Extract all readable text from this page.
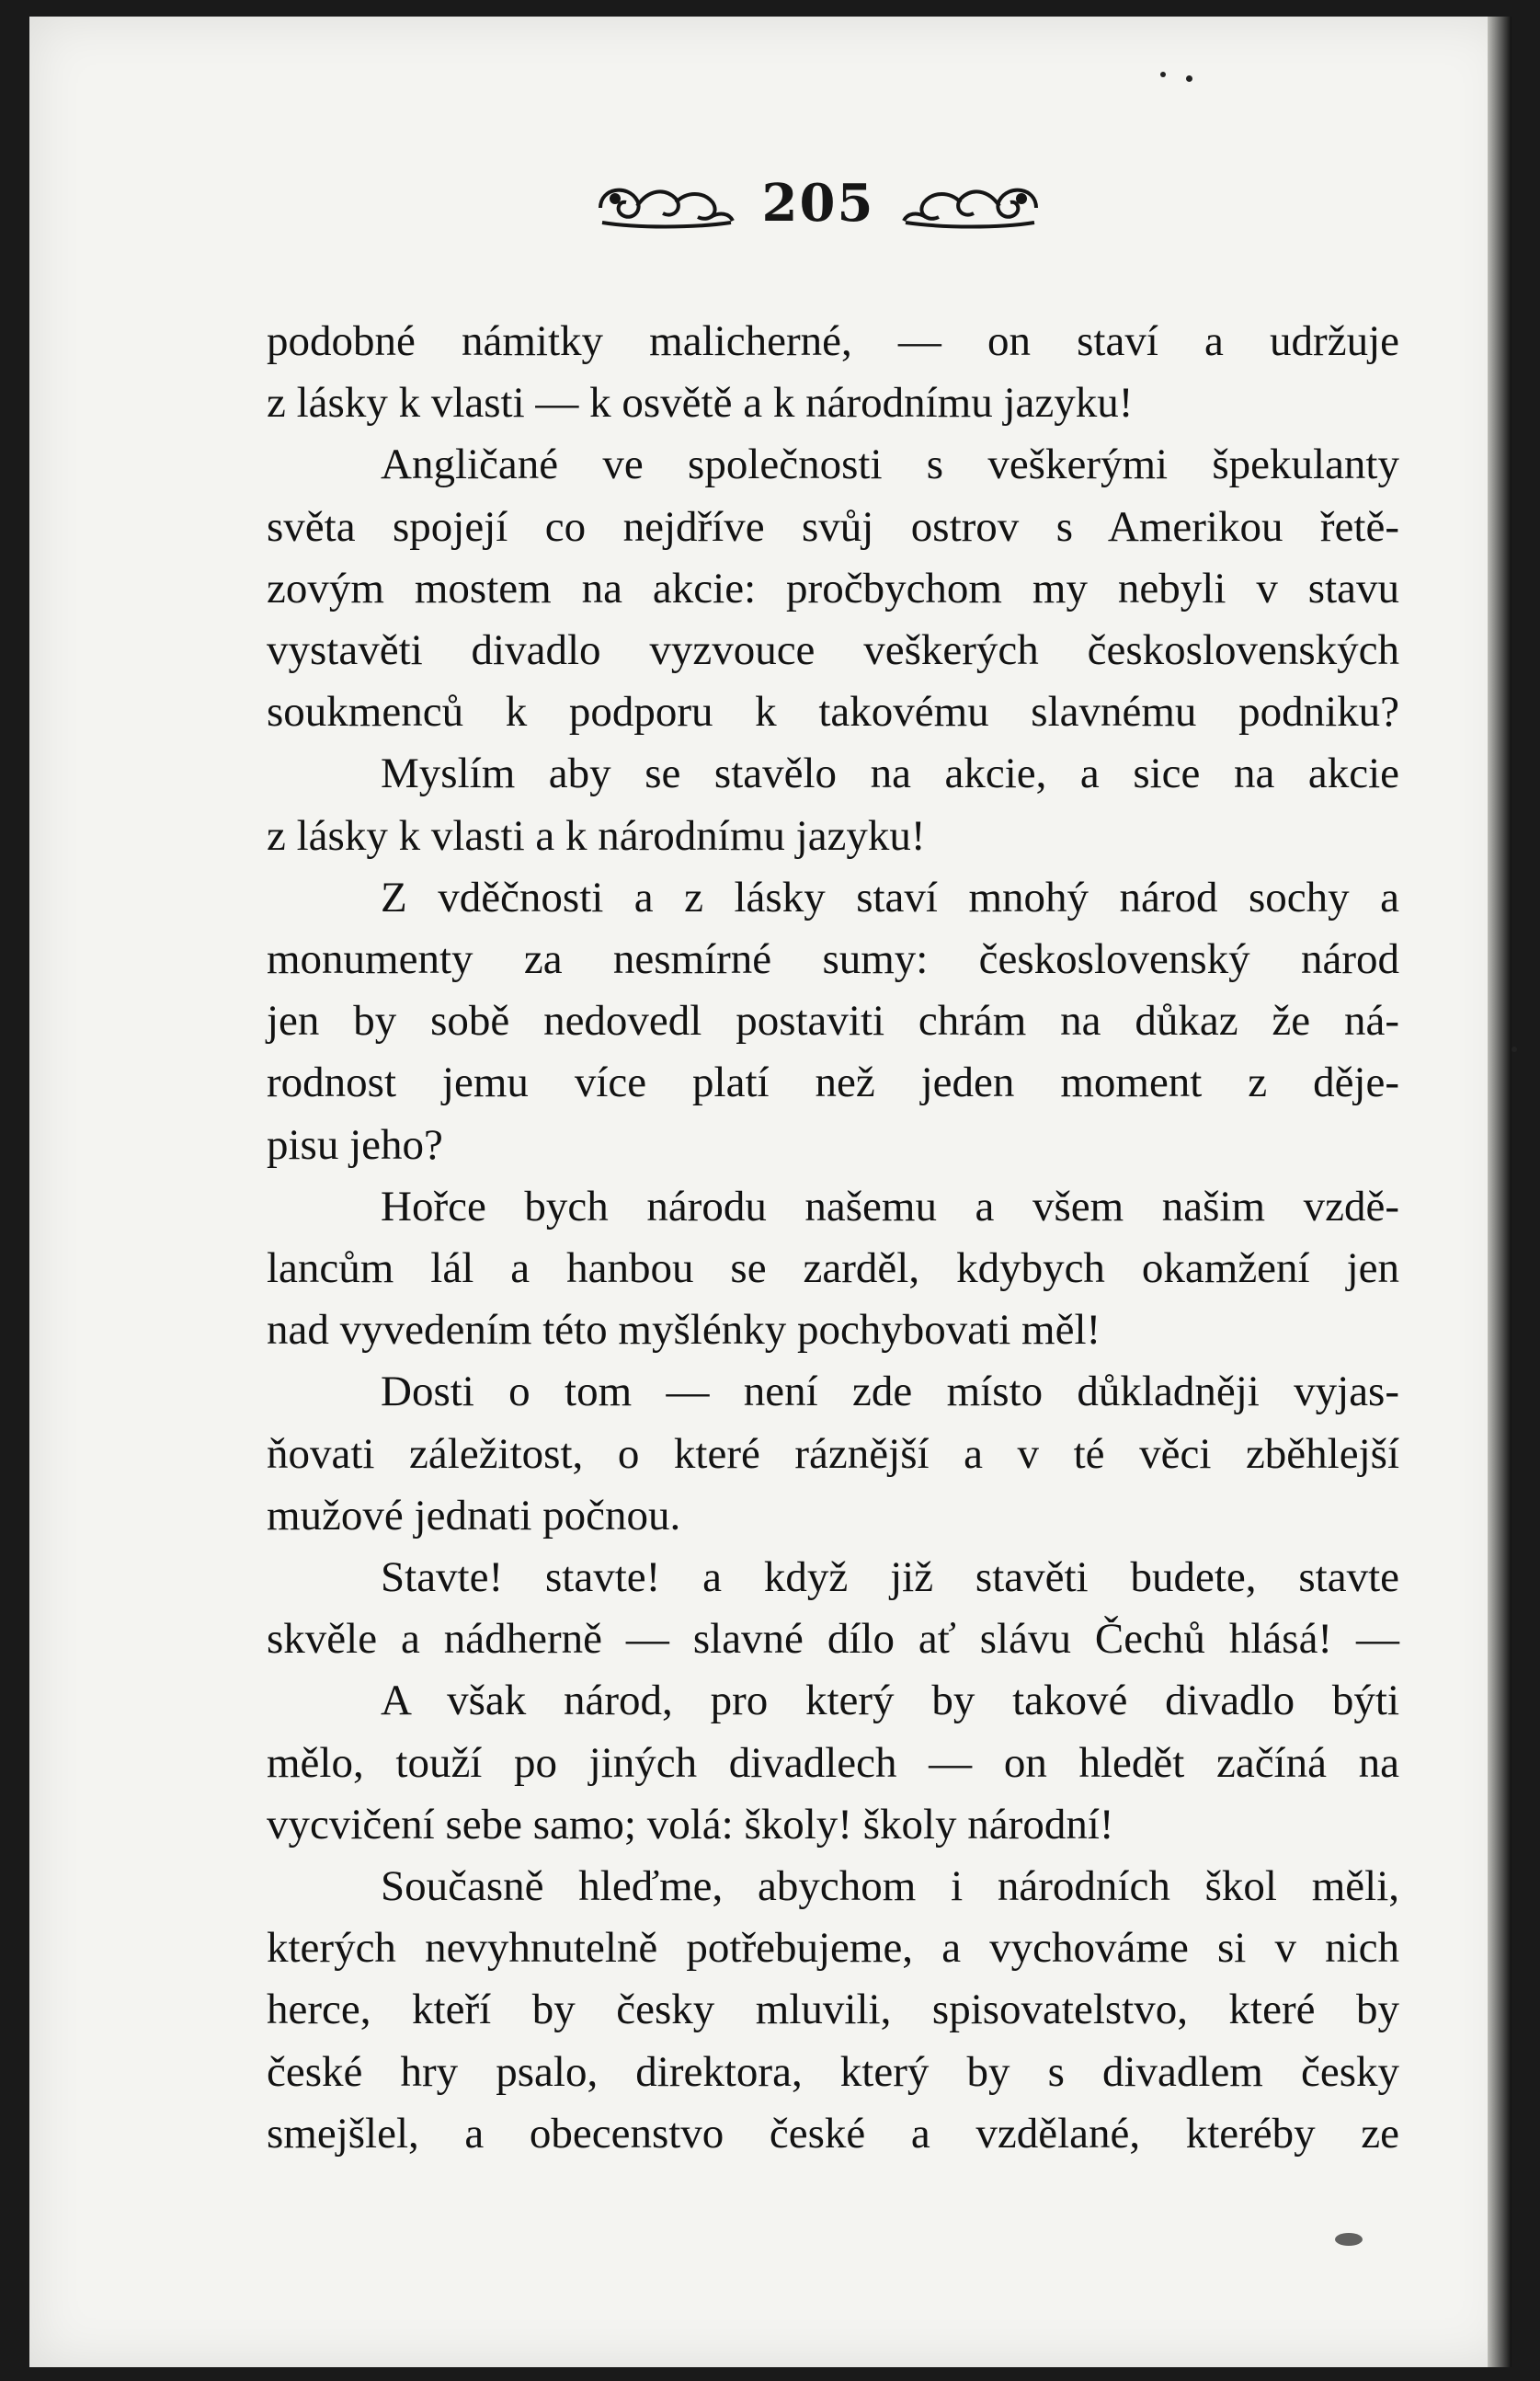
205

podobné námitky malicherné, — on staví a udržuje
z lásky k vlasti — k osvětě a k národnímu jazyku!

Angličané ve společnosti s veškerými špekulanty
světa spojejí co nejdříve svůj ostrov s Amerikou řetě-
zovým mostem na akcie: pročbychom my nebyli v stavu
vystavěti divadlo vyzvouce veškerých československých
soukmenců k podporu k takovému slavnému podniku?

Myslím aby se stavělo na akcie, a sice na akcie
z lásky k vlasti a k národnímu jazyku!

Z vděčnosti a z lásky staví mnohý národ sochy a
monumenty za nesmírné sumy: československý národ
jen by sobě nedovedl postaviti chrám na důkaz že ná-
rodnost jemu více platí než jeden moment z děje-
pisu jeho?

Hořce bych národu našemu a všem našim vzdě-
lancům lál a hanbou se zarděl, kdybych okamžení jen
nad vyvedením této myšlénky pochybovati měl!

Dosti o tom — není zde místo důkladněji vyjas-
ňovati záležitost, o které ráznější a v té věci zběhlejší
mužové jednati počnou.

Stavte! stavte! a když již stavěti budete, stavte
skvěle a nádherně — slavné dílo ať slávu Čechů hlásá! —

A však národ, pro který by takové divadlo býti
mělo, touží po jiných divadlech — on hledět začíná na
vycvičení sebe samo; volá: školy! školy národní!

Současně hleďme, abychom i národních škol měli,
kterých nevyhnutelně potřebujeme, a vychováme si v nich
herce, kteří by česky mluvili, spisovatelstvo, které by
české hry psalo, direktora, který by s divadlem česky
smejšlel, a obecenstvo české a vzdělané, kteréby ze
